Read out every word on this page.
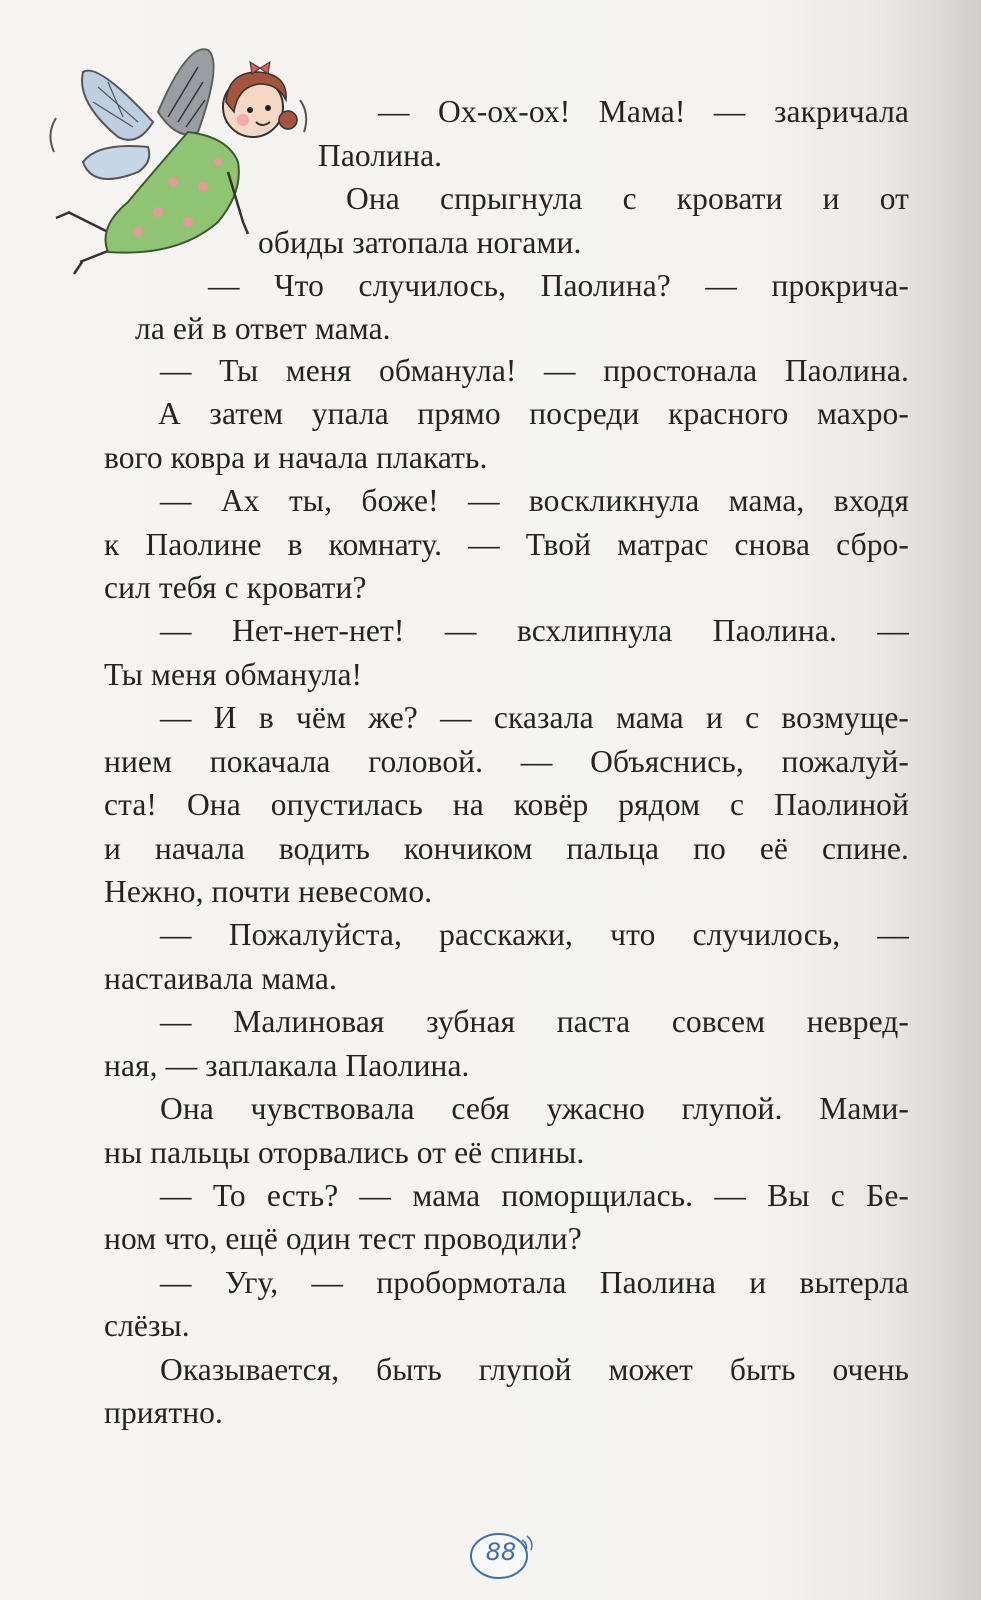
— Ох-ох-ох! Мама! — закричала
Паолина.
Она спрыгнула с кровати и от
обиды затопала ногами.
— Что случилось, Паолина? — прокрича-
ла ей в ответ мама.
— Ты меня обманула! — простонала Паолина.
А затем упала прямо посреди красного махро-
вого ковра и начала плакать.
— Ах ты, боже! — воскликнула мама, входя
к Паолине в комнату. — Твой матрас снова сбро-
сил тебя с кровати?
— Нет-нет-нет! — всхлипнула Паолина. —
Ты меня обманула!
— И в чём же? — сказала мама и с возмуще-
нием покачала головой. — Объяснись, пожалуй-
ста! Она опустилась на ковёр рядом с Паолиной
и начала водить кончиком пальца по её спине.
Нежно, почти невесомо.
— Пожалуйста, расскажи, что случилось, —
настаивала мама.
— Малиновая зубная паста совсем невред-
ная, — заплакала Паолина.
Она чувствовала себя ужасно глупой. Мами-
ны пальцы оторвались от её спины.
— То есть? — мама поморщилась. — Вы с Бе-
ном что, ещё один тест проводили?
— Угу, — пробормотала Паолина и вытерла
слёзы.
Оказывается, быть глупой может быть очень
приятно.
88
